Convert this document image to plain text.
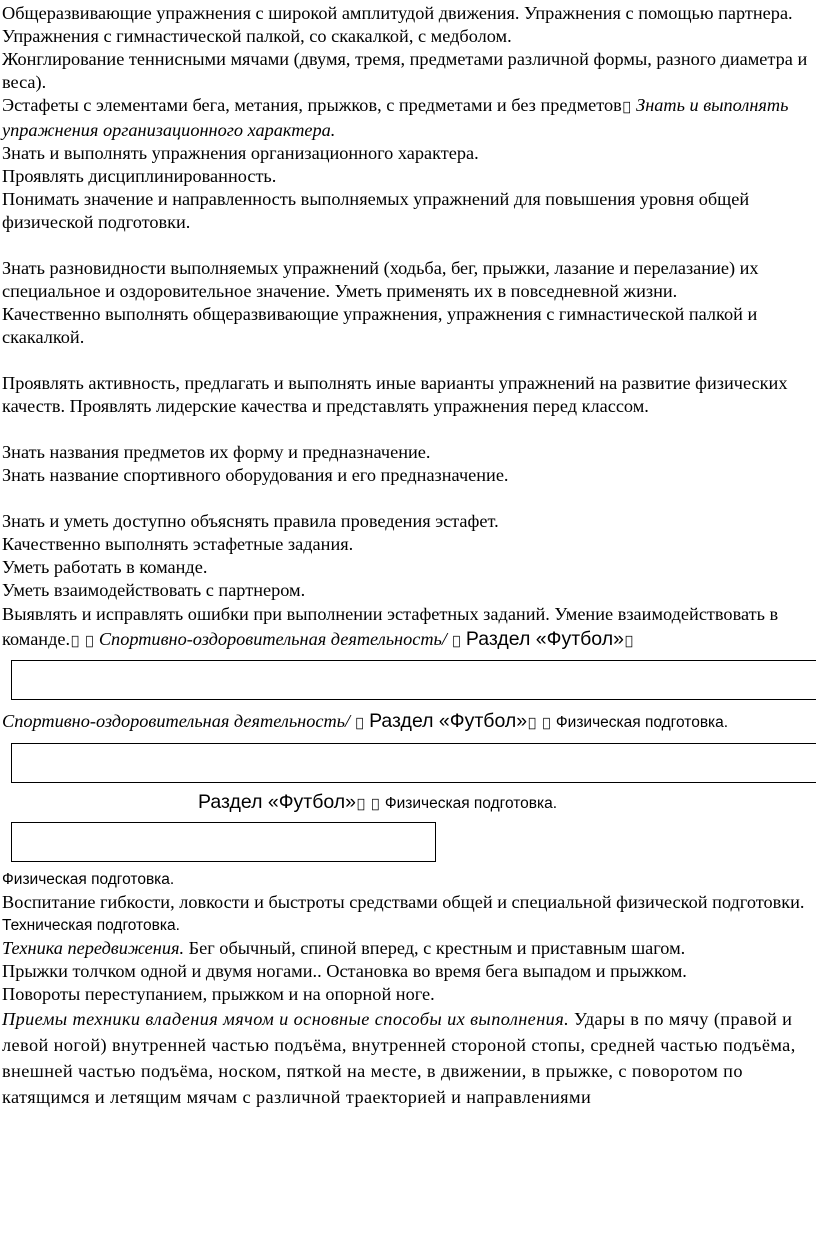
Общеразвивающие упражнения с широкой амплитудой движения. Упражнения с помощью партнера.

Упражнения с гимнастической палкой, со скакалкой, с медболом.

Жонглирование теннисными мячами (двумя, тремя, предметами различной формы, разного диаметра и веса).

Эстафеты с элементами бега, метания, прыжков, с предметами и без предметов Знать и выполнять упражнения организационного характера.

Знать и выполнять упражнения организационного характера.

Проявлять дисциплинированность.

Понимать значение и направленность выполняемых упражнений для повышения уровня общей физической подготовки.

Знать разновидности выполняемых упражнений (ходьба, бег, прыжки, лазание и перелазание) их специальное и оздоровительное значение. Уметь применять их в повседневной жизни.

Качественно выполнять общеразвивающие упражнения, упражнения с гимнастической палкой и скакалкой.

Проявлять активность, предлагать и выполнять иные варианты упражнений на развитие физических качеств. Проявлять лидерские качества и представлять упражнения перед классом.

Знать названия предметов их форму и предназначение.

Знать название спортивного оборудования и его предназначение.

Знать и уметь доступно объяснять правила проведения эстафет.

Качественно выполнять эстафетные задания.

Уметь работать в команде.

Уметь взаимодействовать с партнером.

Выявлять и исправлять ошибки при выполнении эстафетных заданий. Умение взаимодействовать в команде. Спортивно-оздоровительная деятельность/ Раздел «Футбол»

Спортивно-оздоровительная деятельность/ Раздел «Футбол» Физическая подготовка.

Раздел «Футбол» Физическая подготовка.

Физическая подготовка.

Воспитание гибкости, ловкости и быстроты средствами общей и специальной физической подготовки.

Техническая подготовка.

Техника передвижения. Бег обычный, спиной вперед, с крестным и приставным шагом.

Прыжки толчком одной и двумя ногами.. Остановка во время бега выпадом и прыжком.

Повороты переступанием, прыжком и на опорной ноге.

Приемы техники владения мячом и основные способы их выполнения. Удары в по мячу (правой и левой ногой) внутренней частью подъёма, внутренней стороной стопы, средней частью подъёма, внешней частью подъёма, носком, пяткой на месте, в движении, в прыжке, с поворотом по катящимся и летящим мячам с различной траекторией и направлениями
